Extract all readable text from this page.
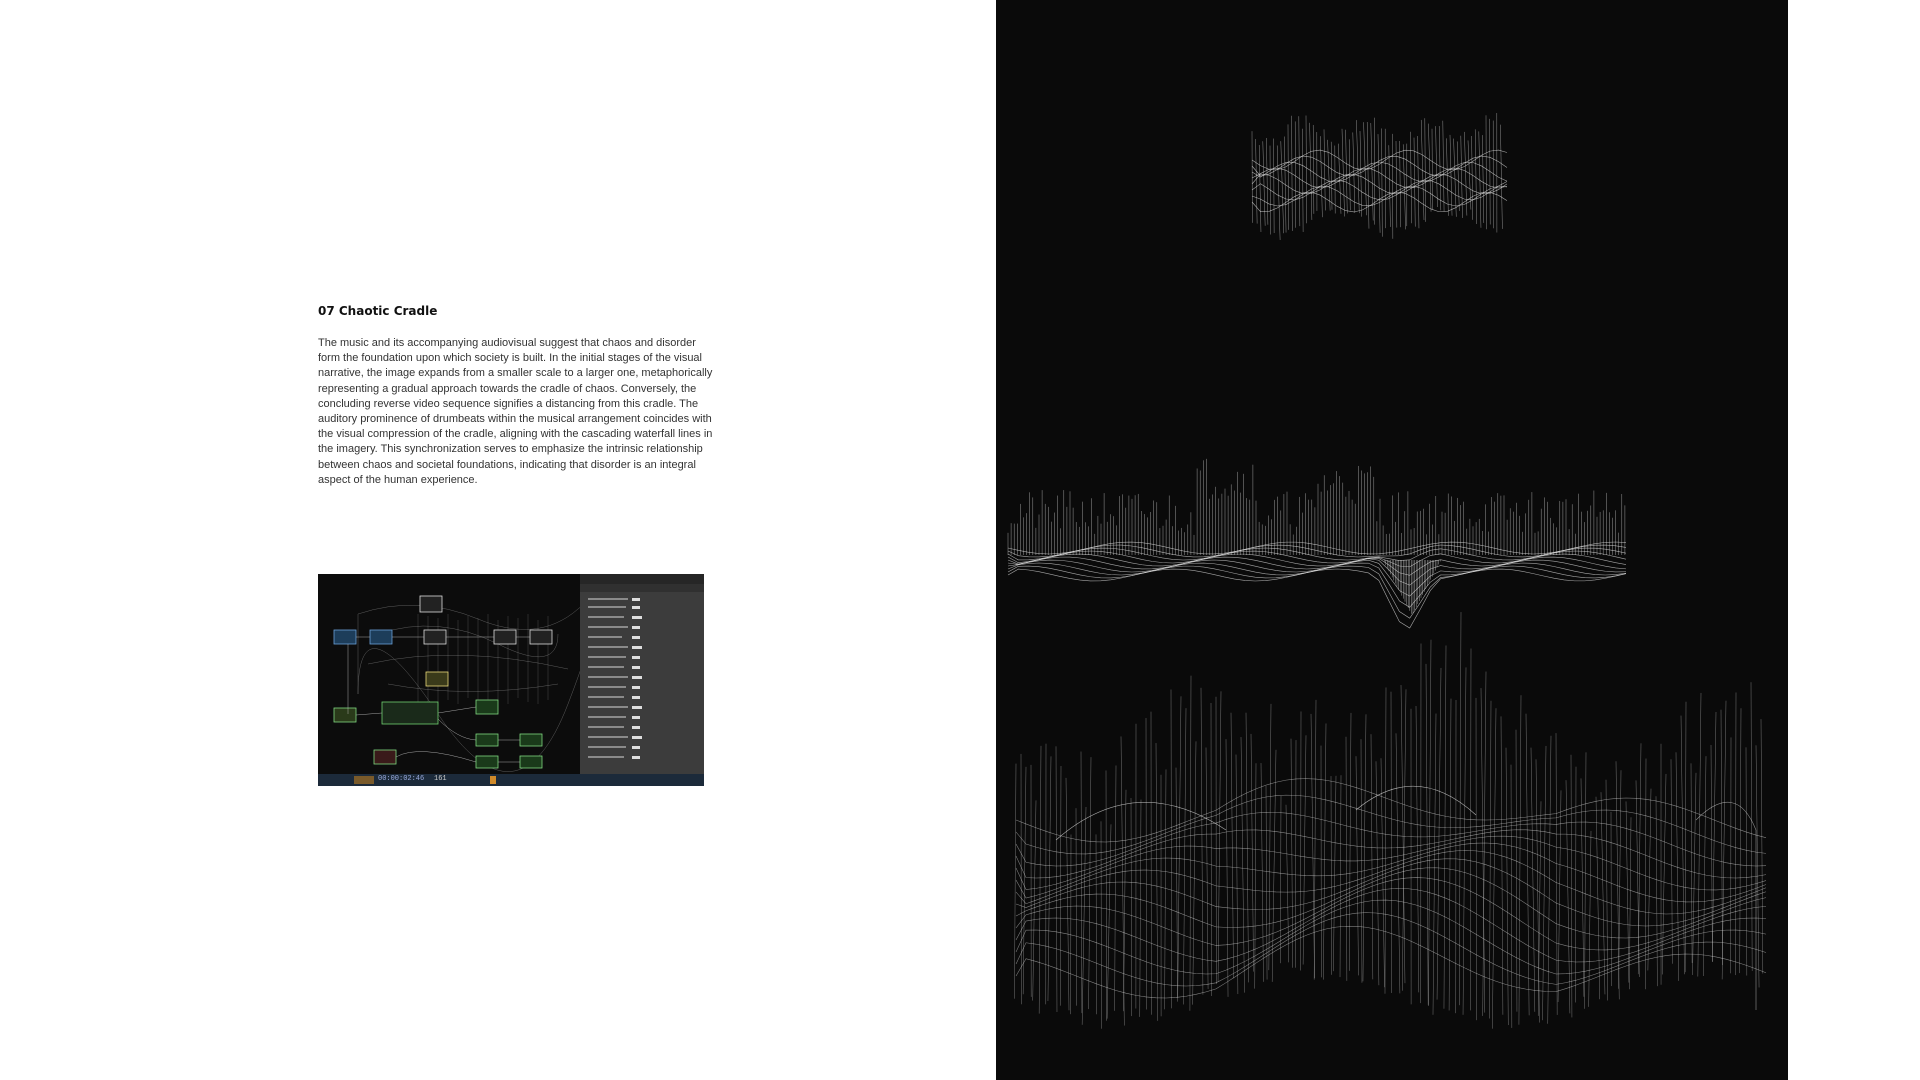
07 Chaotic Cradle
The music and its accompanying audiovisual suggest that chaos and disorder form the foundation upon which society is built. In the initial stages of the visual narrative, the image expands from a smaller scale to a larger one, metaphorically representing a gradual approach towards the cradle of chaos. Conversely, the concluding reverse video sequence signifies a distancing from this cradle. The auditory prominence of drumbeats within the musical arrangement coincides with the visual compression of the cradle, aligning with the cascading waterfall lines in the imagery. This synchronization serves to emphasize the intrinsic relationship between chaos and societal foundations, indicating that disorder is an integral aspect of the human experience.
00:00:02:46 161
